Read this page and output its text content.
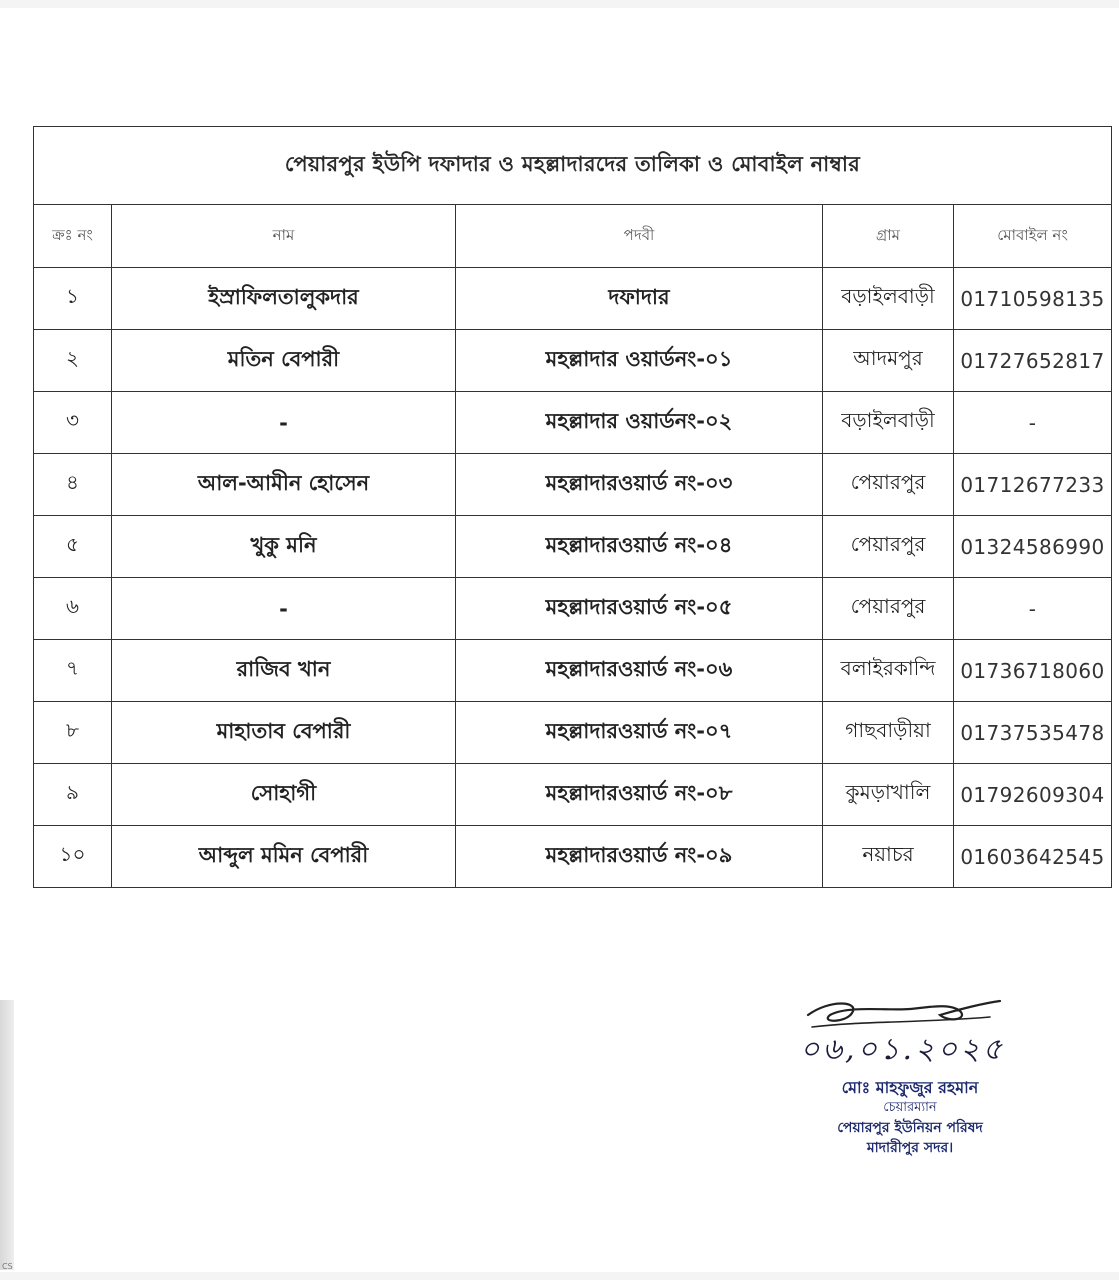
পেয়ারপুর ইউপি দফাদার ও মহল্লাদারদের তালিকা ও মোবাইল নাম্বার				
ক্রঃ নং	নাম	পদবী	গ্রাম	মোবাইল নং
১	ইস্রাফিলতালুকদার	দফাদার	বড়াইলবাড়ী	01710598135
২	মতিন বেপারী	মহল্লাদার ওয়ার্ডনং-০১	আদমপুর	01727652817
৩	-	মহল্লাদার ওয়ার্ডনং-০২	বড়াইলবাড়ী	-
৪	আল-আমীন হোসেন	মহল্লাদারওয়ার্ড নং-০৩	পেয়ারপুর	01712677233
৫	খুকু মনি	মহল্লাদারওয়ার্ড নং-০৪	পেয়ারপুর	01324586990
৬	-	মহল্লাদারওয়ার্ড নং-০৫	পেয়ারপুর	-
৭	রাজিব খান	মহল্লাদারওয়ার্ড নং-০৬	বলাইরকান্দি	01736718060
৮	মাহাতাব বেপারী	মহল্লাদারওয়ার্ড নং-০৭	গাছবাড়ীয়া	01737535478
৯	সোহাগী	মহল্লাদারওয়ার্ড নং-০৮	কুমড়াখালি	01792609304
১০	আব্দুল মমিন বেপারী	মহল্লাদারওয়ার্ড নং-০৯	নয়াচর	01603642545
০৬,০১.২০২৫
মোঃ মাহফুজুর রহমান
চেয়ারম্যান
পেয়ারপুর ইউনিয়ন পরিষদ
মাদারীপুর সদর।
CS
